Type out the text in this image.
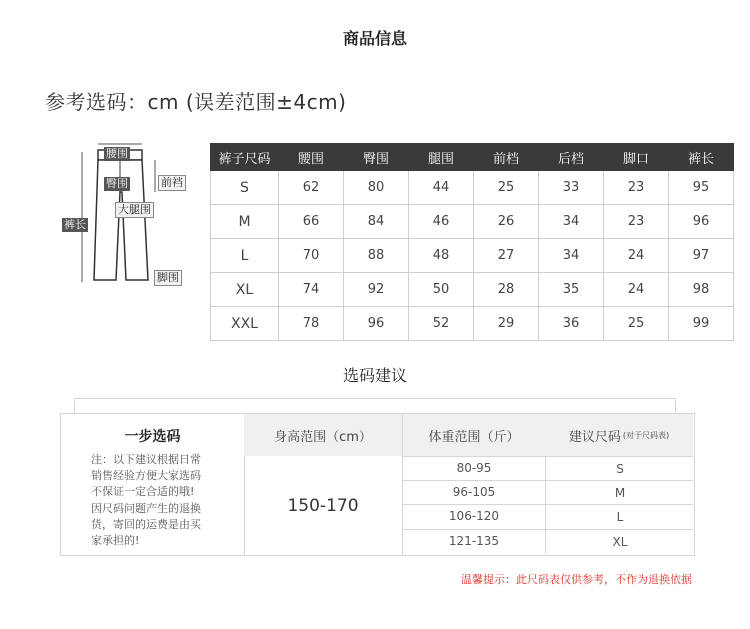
商品信息
参考选码：cm (误差范围±4cm)
腰围
前裆
臀围
大腿围
裤长
脚围
裤子尺码	腰围	臀围	腿围	前档	后档	脚口	裤长
S	62	80	44	25	33	23	95
M	66	84	46	26	34	23	96
L	70	88	48	27	34	24	97
XL	74	92	50	28	35	24	98
XXL	78	96	52	29	36	25	99
选码建议
一步选码
注：以下建议根据日常
销售经验方便大家选码
不保证一定合适的哦!
因尺码问题产生的退换
货，寄回的运费是由买
家承担的!
身高范围（cm）	体重范围（斤）	建议尺码 (对于尺码表)
150-170
80-95	S
96-105	M
106-120	L
121-135	XL
温馨提示：此尺码表仅供参考，不作为退换依据
